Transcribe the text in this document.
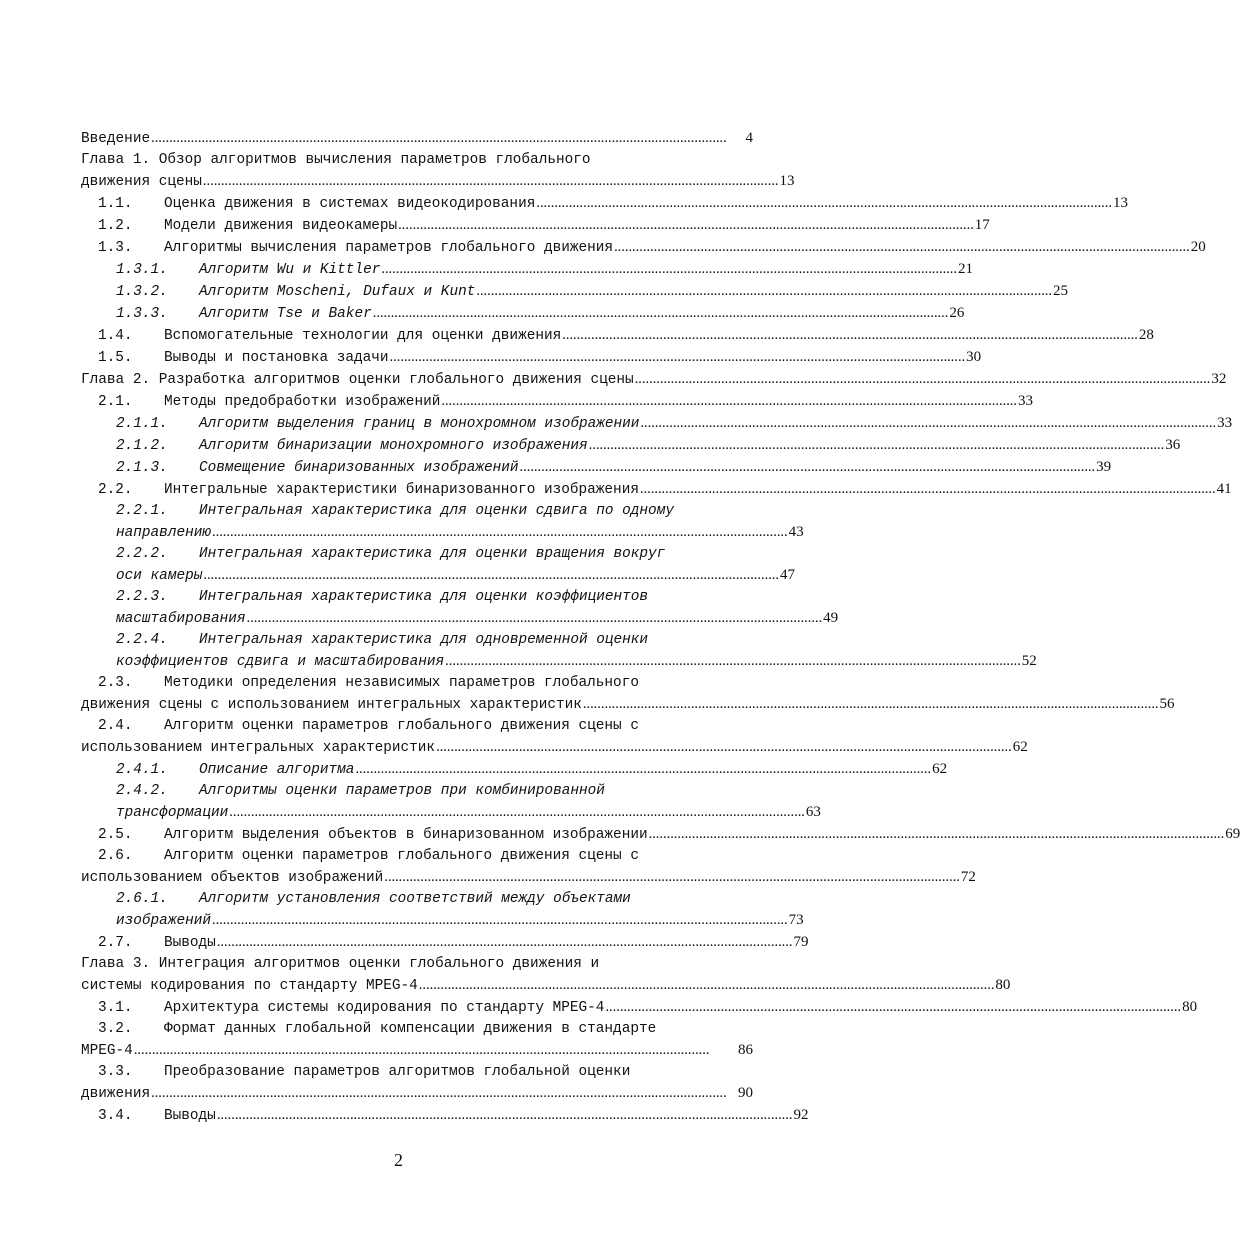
Введение .....	4
Глава 1. Обзор алгоритмов вычисления параметров глобального
движения сцены .....	13
1.1.	Оценка движения в системах видеокодирования .....	13
1.2.	Модели движения видеокамеры .....	17
1.3.	Алгоритмы вычисления параметров глобального движения .....	20
1.3.1.	Алгоритм Wu и Kittler .....	21
1.3.2.	Алгоритм Moscheni, Dufaux и Kunt .....	25
1.3.3.	Алгоритм Tse и Baker .....	26
1.4.	Вспомогательные технологии для оценки движения .....	28
1.5.	Выводы и постановка задачи .....	30
Глава 2. Разработка алгоритмов оценки глобального движения сцены .....	32
2.1.	Методы предобработки изображений .....	33
2.1.1.	Алгоритм выделения границ в монохромном изображении .....	33
2.1.2.	Алгоритм бинаризации монохромного изображения .....	36
2.1.3.	Совмещение бинаризованных изображений .....	39
2.2.	Интегральные характеристики бинаризованного изображения .....	41
2.2.1. Интегральная характеристика для оценки сдвига по одному
направлению .....	43
2.2.2. Интегральная характеристика для оценки вращения вокруг
оси камеры .....	47
2.2.3. Интегральная характеристика для оценки коэффициентов
масштабирования .....	49
2.2.4. Интегральная характеристика для одновременной оценки
коэффициентов сдвига и масштабирования .....	52
2.3. Методики определения независимых параметров глобального
движения сцены с использованием интегральных характеристик .....	56
2.4. Алгоритм оценки параметров глобального движения сцены с
использованием интегральных характеристик .....	62
2.4.1.	Описание алгоритма .....	62
2.4.2. Алгоритмы оценки параметров при комбинированной
трансформации .....	63
2.5.	Алгоритм выделения объектов в бинаризованном изображении .....	69
2.6. Алгоритм оценки параметров глобального движения сцены с
использованием объектов изображений .....	72
2.6.1. Алгоритм установления соответствий между объектами
изображений .....	73
2.7.	Выводы .....	79
Глава 3. Интеграция алгоритмов оценки глобального движения и
системы кодирования по стандарту MPEG-4 .....	80
3.1.	Архитектура системы кодирования по стандарту MPEG-4 .....	80
3.2. Формат данных глобальной компенсации движения в стандарте
MPEG-4 .....	86
3.3. Преобразование параметров алгоритмов глобальной оценки
движения .....	90
3.4.	Выводы .....	92
2
